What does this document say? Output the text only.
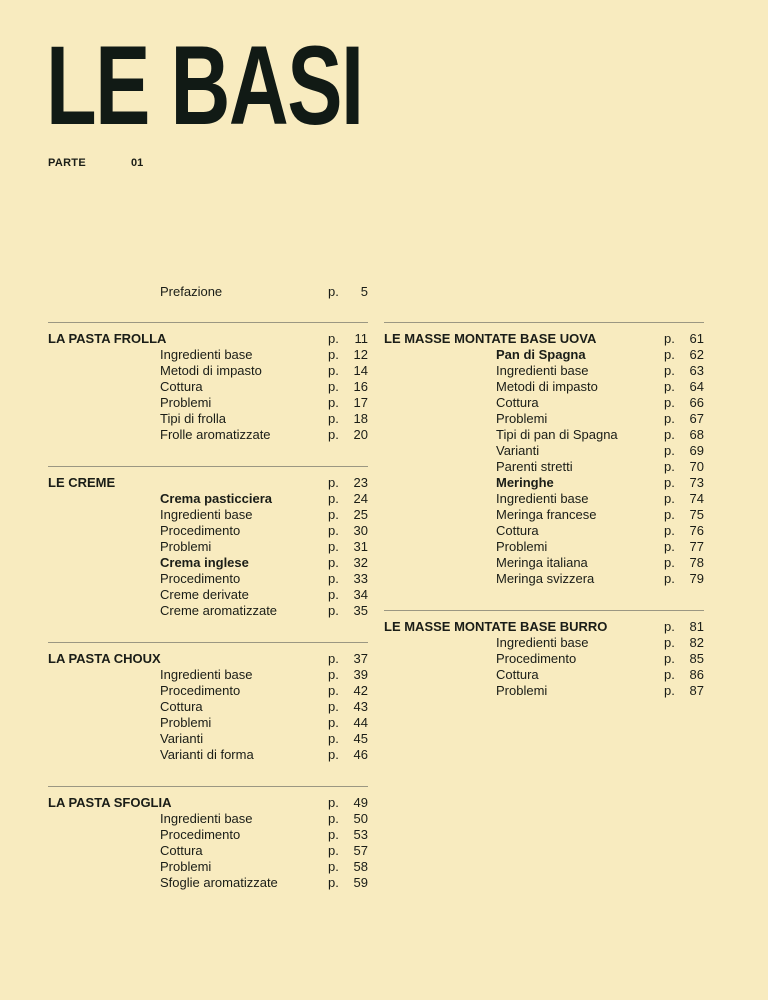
LE BASI
PARTE	01
Prefazione	p.	5
LA PASTA FROLLA	p.	11
Ingredienti base	p.	12
Metodi di impasto	p.	14
Cottura	p.	16
Problemi	p.	17
Tipi di frolla	p.	18
Frolle aromatizzate	p.	20
LE CREME	p.	23
Crema pasticciera	p.	24
Ingredienti base	p.	25
Procedimento	p.	30
Problemi	p.	31
Crema inglese	p.	32
Procedimento	p.	33
Creme derivate	p.	34
Creme aromatizzate	p.	35
LA PASTA CHOUX	p.	37
Ingredienti base	p.	39
Procedimento	p.	42
Cottura	p.	43
Problemi	p.	44
Varianti	p.	45
Varianti di forma	p.	46
LA PASTA SFOGLIA	p.	49
Ingredienti base	p.	50
Procedimento	p.	53
Cottura	p.	57
Problemi	p.	58
Sfoglie aromatizzate	p.	59
LE MASSE MONTATE BASE UOVA	p.	61
Pan di Spagna	p.	62
Ingredienti base	p.	63
Metodi di impasto	p.	64
Cottura	p.	66
Problemi	p.	67
Tipi di pan di Spagna	p.	68
Varianti	p.	69
Parenti stretti	p.	70
Meringhe	p.	73
Ingredienti base	p.	74
Meringa francese	p.	75
Cottura	p.	76
Problemi	p.	77
Meringa italiana	p.	78
Meringa svizzera	p.	79
LE MASSE MONTATE BASE BURRO	p.	81
Ingredienti base	p.	82
Procedimento	p.	85
Cottura	p.	86
Problemi	p.	87
